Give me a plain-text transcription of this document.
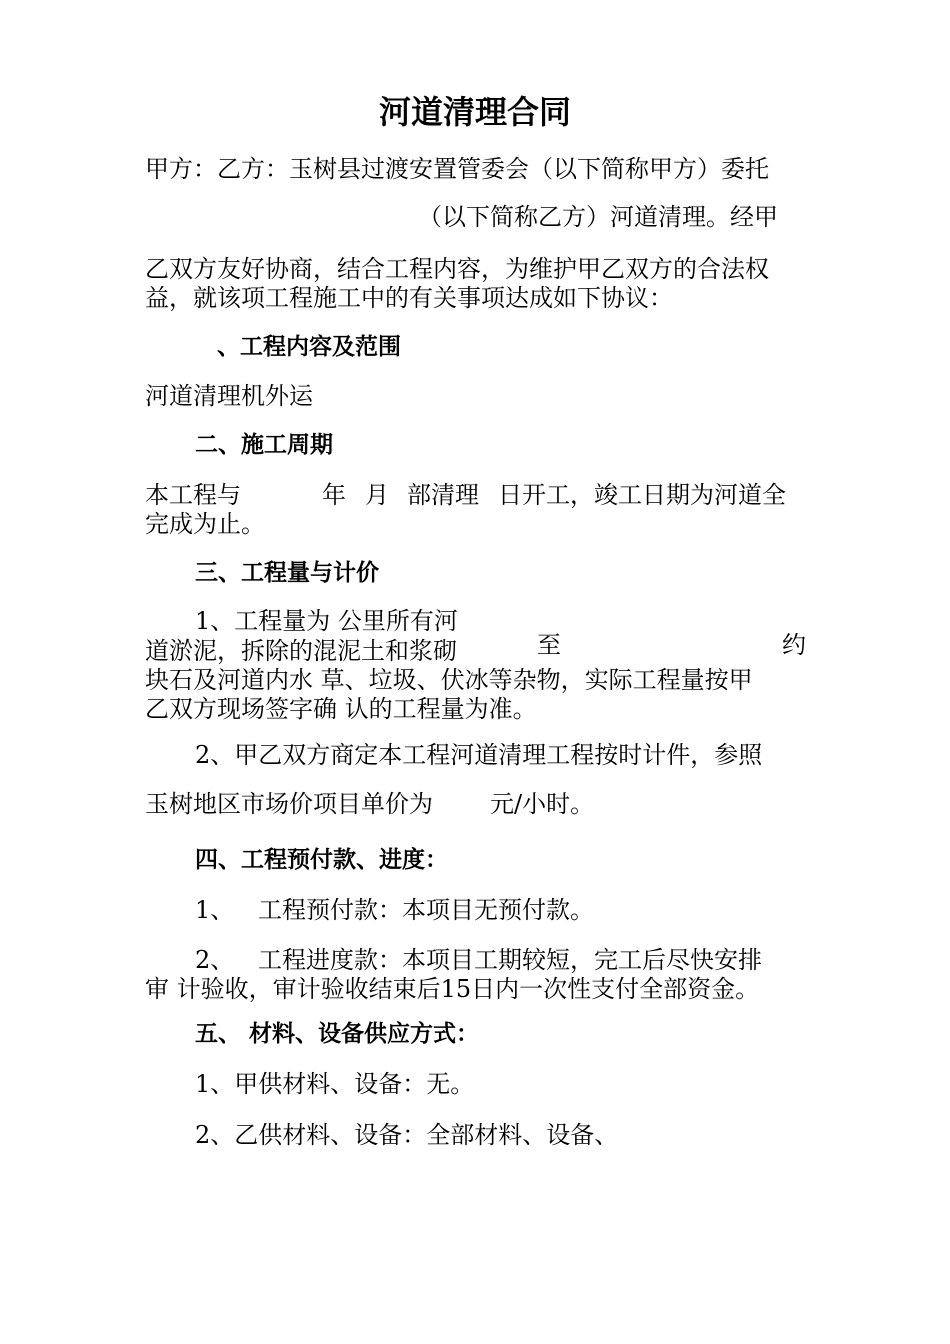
河道清理合同
甲方：乙方：玉树县过渡安置管委会（以下简称甲方）委托
（以下简称乙方）河道清理。经甲
乙双方友好协商，结合工程内容，为维护甲乙双方的合法权
益，就该项工程施工中的有关事项达成如下协议：
、工程内容及范围
河道清理机外运
二、施工周期
本工程与	年 月 部清理 日开工，竣工日期为河道全
完成为止。
三、工程量与计价
1、工程量为 公里所有河
道淤泥，拆除的混泥土和浆砌	至	约
块石及河道内水 草、垃圾、伏冰等杂物，实际工程量按甲
乙双方现场签字确 认的工程量为准。
2、甲乙双方商定本工程河道清理工程按时计件，参照
玉树地区市场价项目单价为 元/小时。
四、工程预付款、进度：
1、 工程预付款：本项目无预付款。
2、 工程进度款：本项目工期较短，完工后尽快安排
审 计验收，审计验收结束后15日内一次性支付全部资金。
五、 材料、设备供应方式：
1、甲供材料、设备：无。
2、乙供材料、设备：全部材料、设备、
